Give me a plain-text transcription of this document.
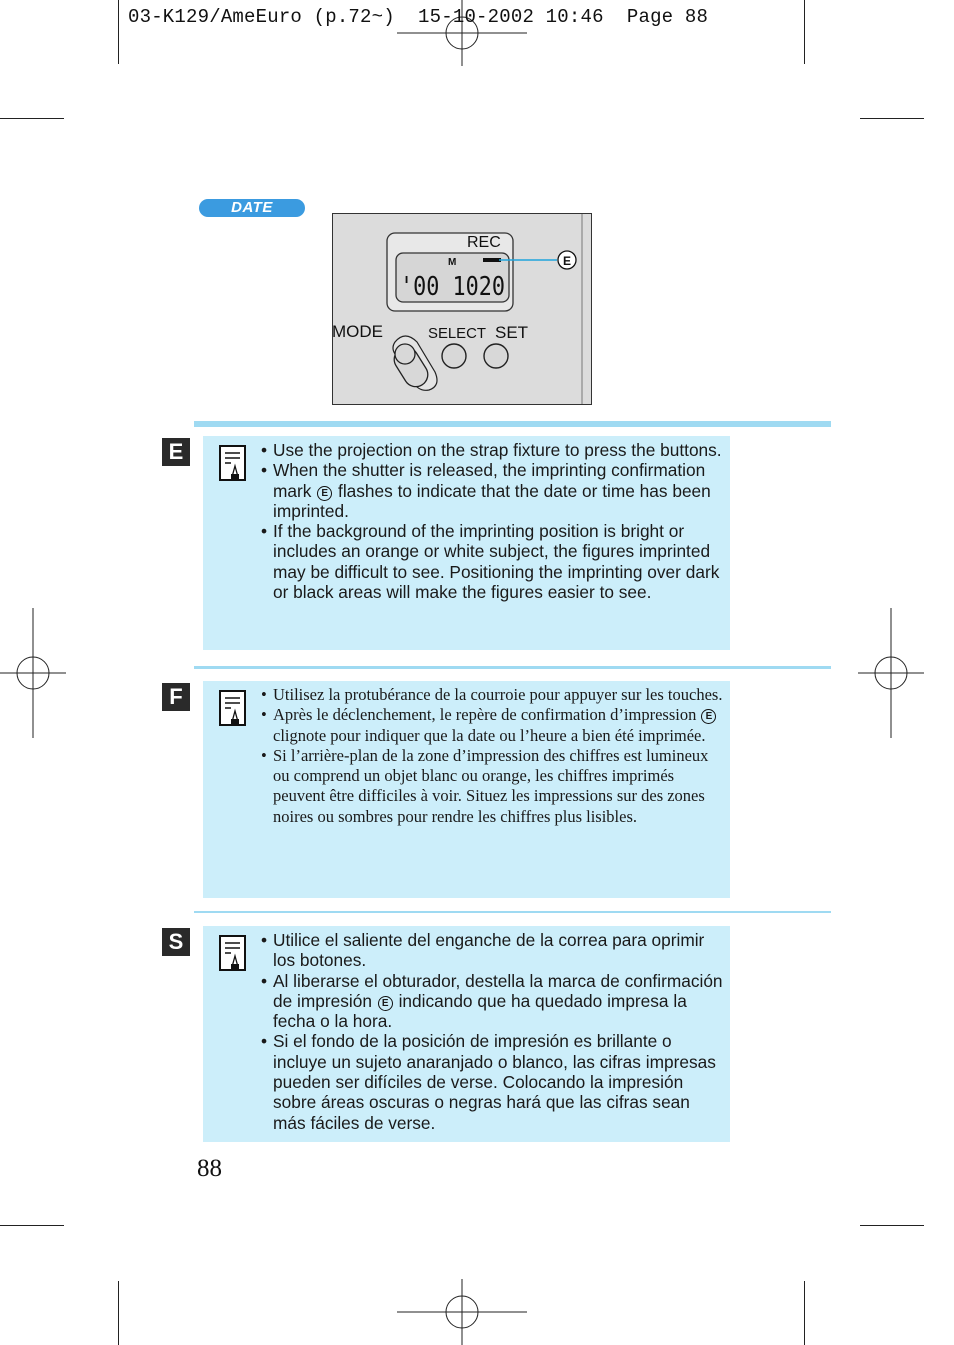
03-K129/AmeEuro (p.72~)  15-10-2002 10:46  Page 88
DATE
REC
M
'00 1020
E
MODE	SELECT SET
E	• Use the projection on the strap fixture to press the buttons.
• When the shutter is released, the imprinting confirmation mark E flashes to indicate that the date or time has been imprinted.
• If the background of the imprinting position is bright or includes an orange or white subject, the figures imprinted may be difficult to see. Positioning the imprinting over dark or black areas will make the figures easier to see.
F	• Utilisez la protubérance de la courroie pour appuyer sur les touches.
• Après le déclenchement, le repère de confirmation d’impression E clignote pour indiquer que la date ou l’heure a bien été imprimée.
• Si l’arrière-plan de la zone d’impression des chiffres est lumineux ou comprend un objet blanc ou orange, les chiffres imprimés peuvent être difficiles à voir. Situez les impressions sur des zones noires ou sombres pour rendre les chiffres plus lisibles.
S	• Utilice el saliente del enganche de la correa para oprimir los botones.
• Al liberarse el obturador, destella la marca de confirmación de impresión E indicando que ha quedado impresa la fecha o la hora.
• Si el fondo de la posición de impresión es brillante o incluye un sujeto anaranjado o blanco, las cifras impresas pueden ser difíciles de verse. Colocando la impresión sobre áreas oscuras o negras hará que las cifras sean más fáciles de verse.
88
